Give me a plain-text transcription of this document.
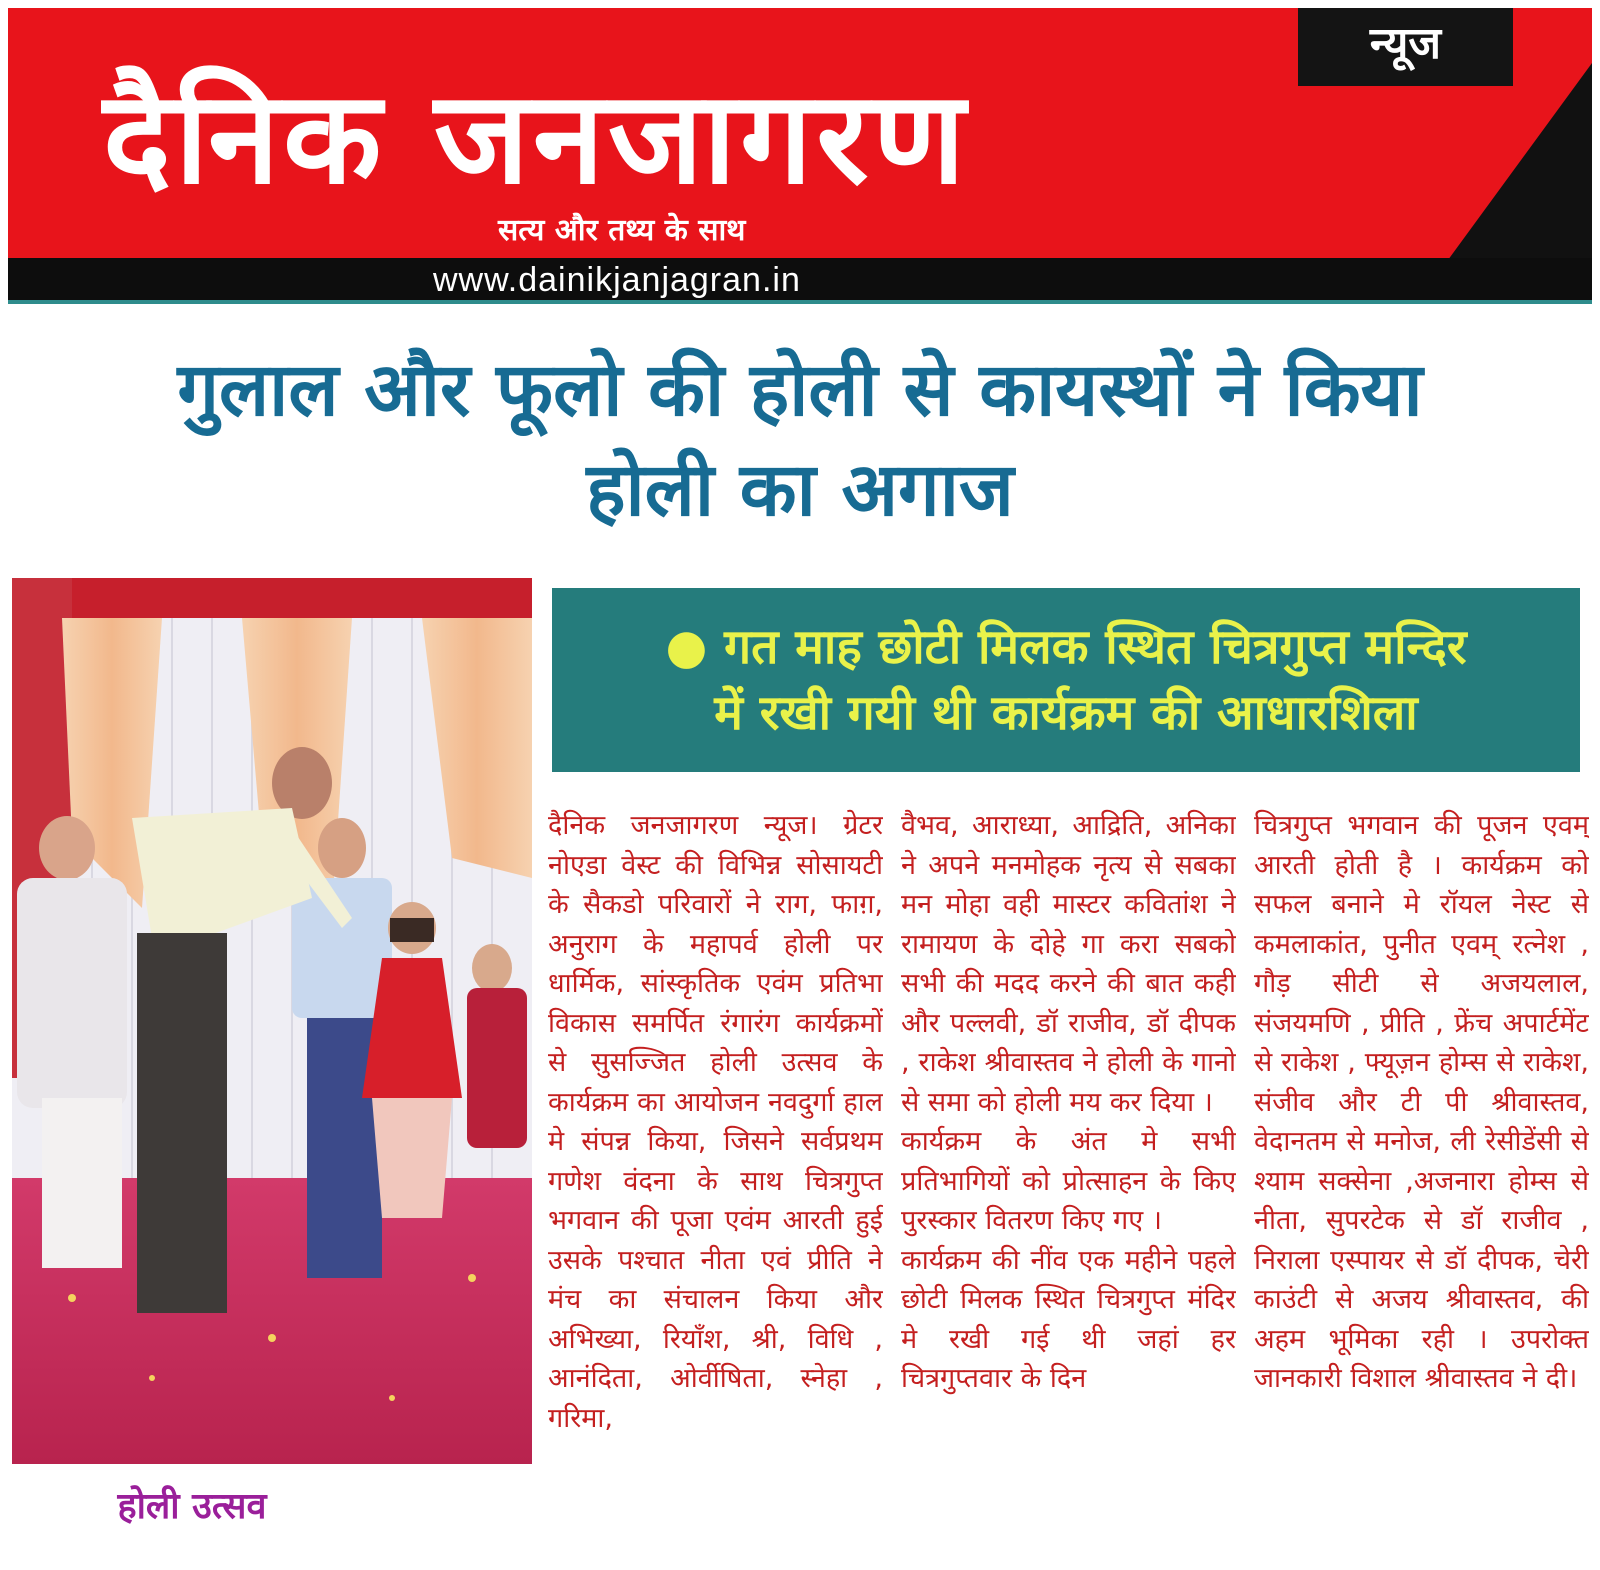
न्यूज
दैनिक जनजागरण
सत्य और तथ्य के साथ
www.dainikjanjagran.in
गुलाल और फूलो की होली से कायस्थों ने किया
होली का अगाज
होली उत्सव
● गत माह छोटी मिलक स्थित चित्रगुप्त मन्दिर
में रखी गयी थी कार्यक्रम की आधारशिला

दैनिक जनजागरण न्यूज। ग्रेटर नोएडा वेस्ट की विभिन्न सोसायटी के सैकडो परिवारों ने राग, फाग़, अनुराग के महापर्व होली पर धार्मिक, सांस्कृतिक एवंम प्रतिभा विकास समर्पित रंगारंग कार्यक्रमों से सुसज्जित होली उत्सव के कार्यक्रम का आयोजन नवदुर्गा हाल मे संपन्न किया, जिसने सर्वप्रथम गणेश वंदना के साथ चित्रगुप्त भगवान की पूजा एवंम आरती हुई उसके पश्चात नीता एवं प्रीति ने मंच का संचालन किया और अभिख्या, रियाँश, श्री, विधि , आनंदिता, ओर्वीषिता, स्नेहा , गरिमा,

वैभव, आराध्या, आद्रिति, अनिका ने अपने मनमोहक नृत्य से सबका मन मोहा वही मास्टर कवितांश ने रामायण के दोहे गा करा सबको सभी की मदद करने की बात कही और पल्लवी, डॉ राजीव, डॉ दीपक , राकेश श्रीवास्तव ने होली के गानो से समा को होली मय कर दिया ।

कार्यक्रम के अंत मे सभी प्रतिभागियों को प्रोत्साहन के किए पुरस्कार वितरण किए गए ।

कार्यक्रम की नींव एक महीने पहले छोटी मिलक स्थित चित्रगुप्त मंदिर मे रखी गई थी जहां हर चित्रगुप्तवार के दिन

चित्रगुप्त भगवान की पूजन एवम् आरती होती है । कार्यक्रम को सफल बनाने मे रॉयल नेस्ट से कमलाकांत, पुनीत एवम् रत्नेश , गौड़ सीटी से अजयलाल, संजयमणि , प्रीति , फ्रेंच अपार्टमेंट से राकेश , फ्यूज़न होम्स से राकेश, संजीव और टी पी श्रीवास्तव, वेदानतम से मनोज, ली रेसीडेंसी से श्याम सक्सेना ,अजनारा होम्स से नीता, सुपरटेक से डॉ राजीव , निराला एस्पायर से डॉ दीपक, चेरी काउंटी से अजय श्रीवास्तव, की अहम भूमिका रही । उपरोक्त जानकारी विशाल श्रीवास्तव ने दी।
